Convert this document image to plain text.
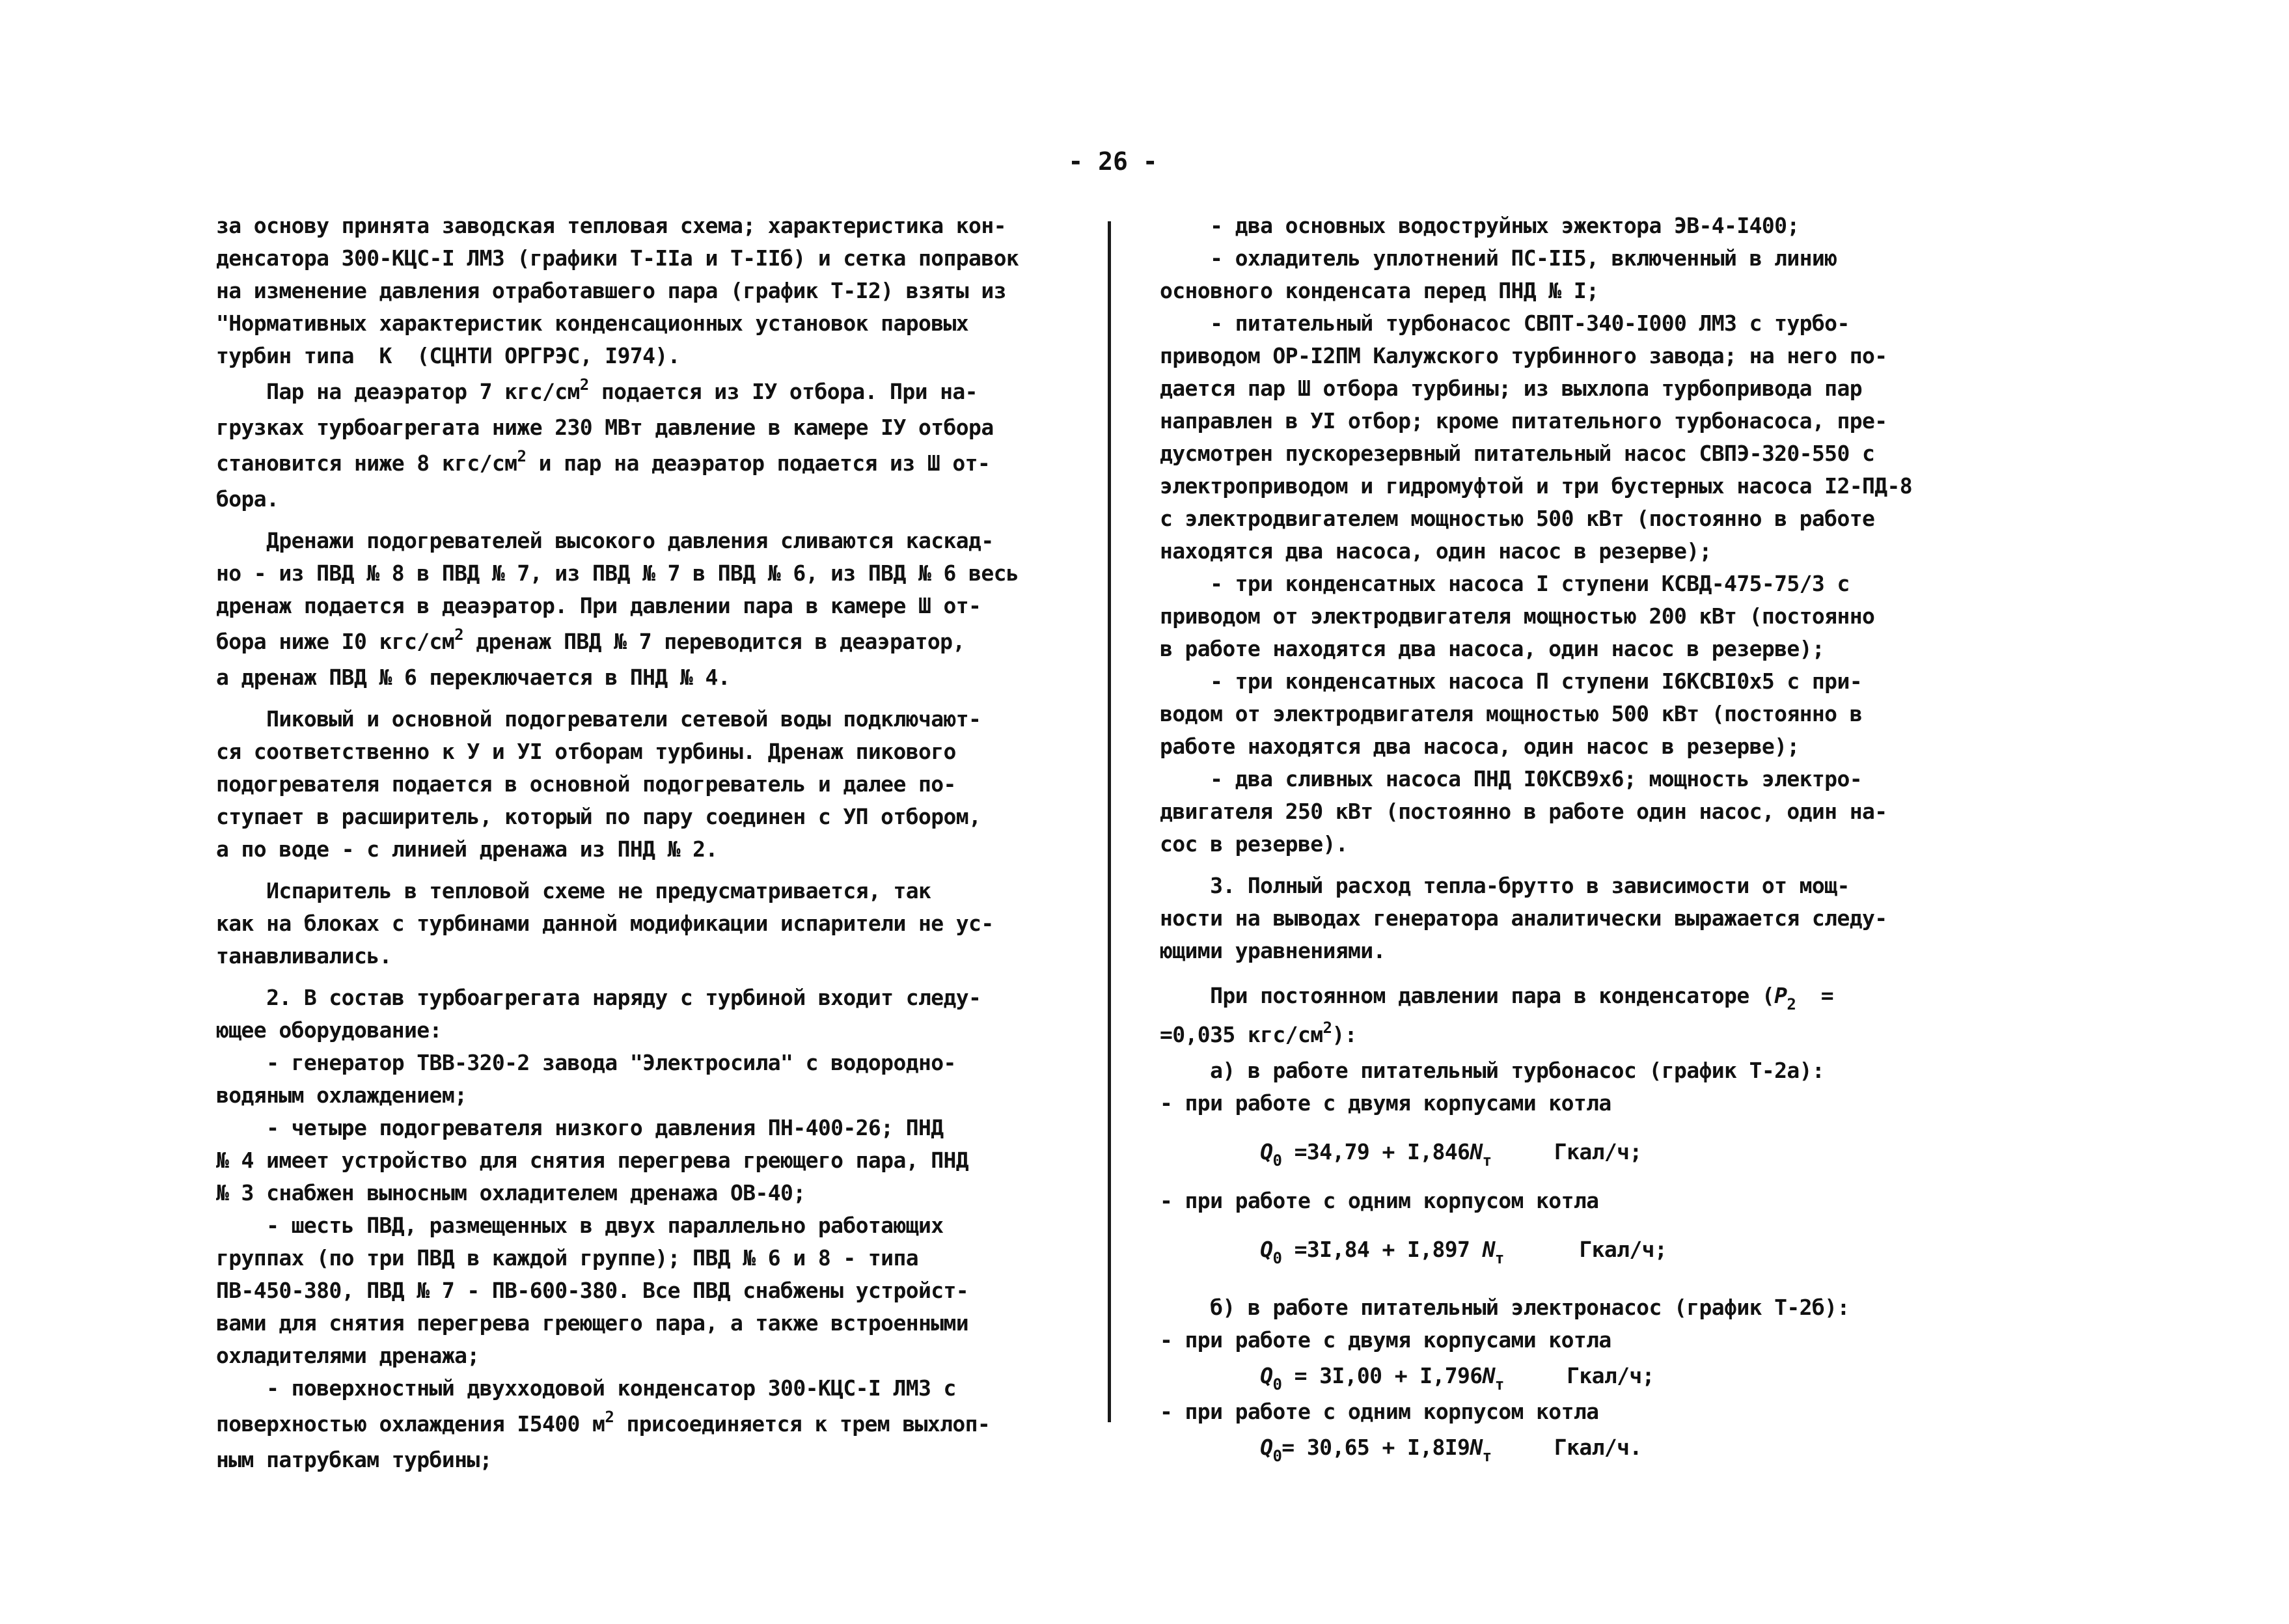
- 26 -
за основу принята заводская тепловая схема; характеристика кон-
денсатора 300-КЦС-I ЛМЗ (графики Т-IIа и Т-IIб) и сетка поправок
на изменение давления отработавшего пара (график Т-I2) взяты из
"Нормативных характеристик конденсационных установок паровых
турбин типа  К  (СЦНТИ ОРГРЭС, I974).
Пар на деаэратор 7 кгс/$см^2$ подается из IУ отбора. При на-
грузках турбоагрегата ниже 230 МВт давление в камере IУ отбора
становится ниже 8 кгс/$см^2$ и пар на деаэратор подается из Ш от-
бора.
Дренажи подогревателей высокого давления сливаются каскад-
но - из ПВД № 8 в ПВД № 7, из ПВД № 7 в ПВД № 6, из ПВД № 6 весь
дренаж подается в деаэратор. При давлении пара в камере Ш от-
бора ниже I0 кгс/$см^2$ дренаж ПВД № 7 переводится в деаэратор,
а дренаж ПВД № 6 переключается в ПНД № 4.
Пиковый и основной подогреватели сетевой воды подключают-
ся соответственно к У и УI отборам турбины. Дренаж пикового
подогревателя подается в основной подогреватель и далее по-
ступает в расширитель, который по пару соединен с УП отбором,
а по воде - с линией дренажа из ПНД № 2.
Испаритель в тепловой схеме не предусматривается, так
как на блоках с турбинами данной модификации испарители не ус-
танавливались.
2. В состав турбоагрегата наряду с турбиной входит следу-
ющее оборудование:
- генератор ТВВ-320-2 завода "Электросила" с водородно-
водяным охлаждением;
- четыре подогревателя низкого давления ПН-400-26; ПНД
№ 4 имеет устройство для снятия перегрева греющего пара, ПНД
№ 3 снабжен выносным охладителем дренажа ОВ-40;
- шесть ПВД, размещенных в двух параллельно работающих
группах (по три ПВД в каждой группе); ПВД № 6 и 8 - типа
ПВ-450-380, ПВД № 7 - ПВ-600-380. Все ПВД снабжены устройст-
вами для снятия перегрева греющего пара, а также встроенными
охладителями дренажа;
- поверхностный двухходовой конденсатор 300-КЦС-I ЛМЗ с
поверхностью охлаждения I5400 $м^2$ присоединяется к трем выхлоп-
ным патрубкам турбины;
- два основных водоструйных эжектора ЭВ-4-I400;
- охладитель уплотнений ПС-II5, включенный в линию
основного конденсата перед ПНД № I;
- питательный турбонасос СВПТ-340-I000 ЛМЗ с турбо-
приводом ОР-I2ПМ Калужского турбинного завода; на него по-
дается пар Ш отбора турбины; из выхлопа турбопривода пар
направлен в УI отбор; кроме питательного турбонасоса, пре-
дусмотрен пускорезервный питательный насос СВПЭ-320-550 с
электроприводом и гидромуфтой и три бустерных насоса I2-ПД-8
с электродвигателем мощностью 500 кВт (постоянно в работе
находятся два насоса, один насос в резерве);
- три конденсатных насоса I ступени КСВД-475-75/3 с
приводом от электродвигателя мощностью 200 кВт (постоянно
в работе находятся два насоса, один насос в резерве);
- три конденсатных насоса П ступени I6КСВI0х5 с при-
водом от электродвигателя мощностью 500 кВт (постоянно в
работе находятся два насоса, один насос в резерве);
- два сливных насоса ПНД I0КСВ9х6; мощность электро-
двигателя 250 кВт (постоянно в работе один насос, один на-
сос в резерве).
3. Полный расход тепла-брутто в зависимости от мощ-
ности на выводах генератора аналитически выражается следу-
ющими уравнениями.
При постоянном давлении пара в конденсаторе ($P_2$  =
=0,035 кгс/$см^2$):
а) в работе питательный турбонасос (график Т-2а):
- при работе с двумя корпусами котла
$Q_0 =34,79 + I,846N_т$	Гкал/ч;
- при работе с одним корпусом котла
$Q_0 =3I,84 + I,897$ $N_т$	Гкал/ч;
б) в работе питательный электронасос (график Т-2б):
- при работе с двумя корпусами котла
$Q_0 = 3I,00 + I,796N_т$	Гкал/ч;
- при работе с одним корпусом котла
$Q_0= 30,65 + I,8I9N_т$	Гкал/ч.
